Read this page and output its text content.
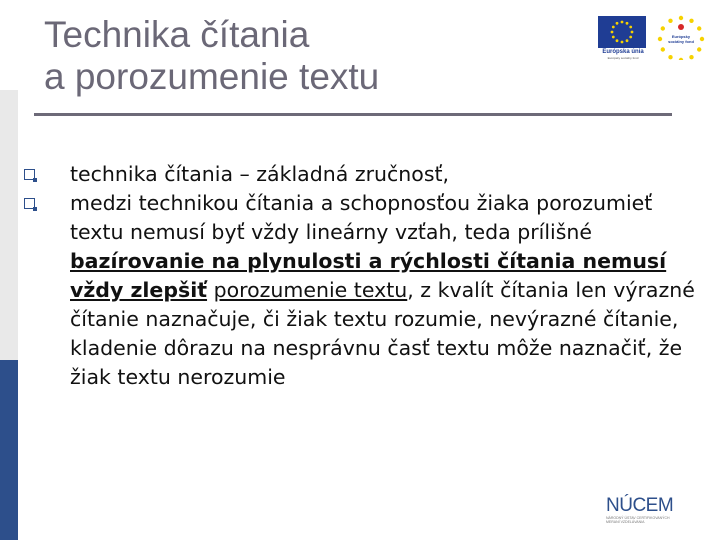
Technika čítania
a porozumenie textu
Európska únia
Európsky sociálny fond
Európsky sociálny fond

technika čítania – základná zručnosť,

medzi technikou čítania a schopnosťou žiaka porozumieť textu nemusí byť vždy lineárny vzťah, teda prílišné bazírovanie na plynulosti a rýchlosti čítania nemusí vždy zlepšiť porozumenie textu, z kvalít čítania len výrazné čítanie naznačuje, či žiak textu rozumie, nevýrazné čítanie, kladenie dôrazu na nesprávnu časť textu môže naznačiť, že žiak textu nerozumie

NÚCEM
NÁRODNÝ ÚSTAV CERTIFIKOVANÝCH
MERANÍ VZDELÁVANIA
